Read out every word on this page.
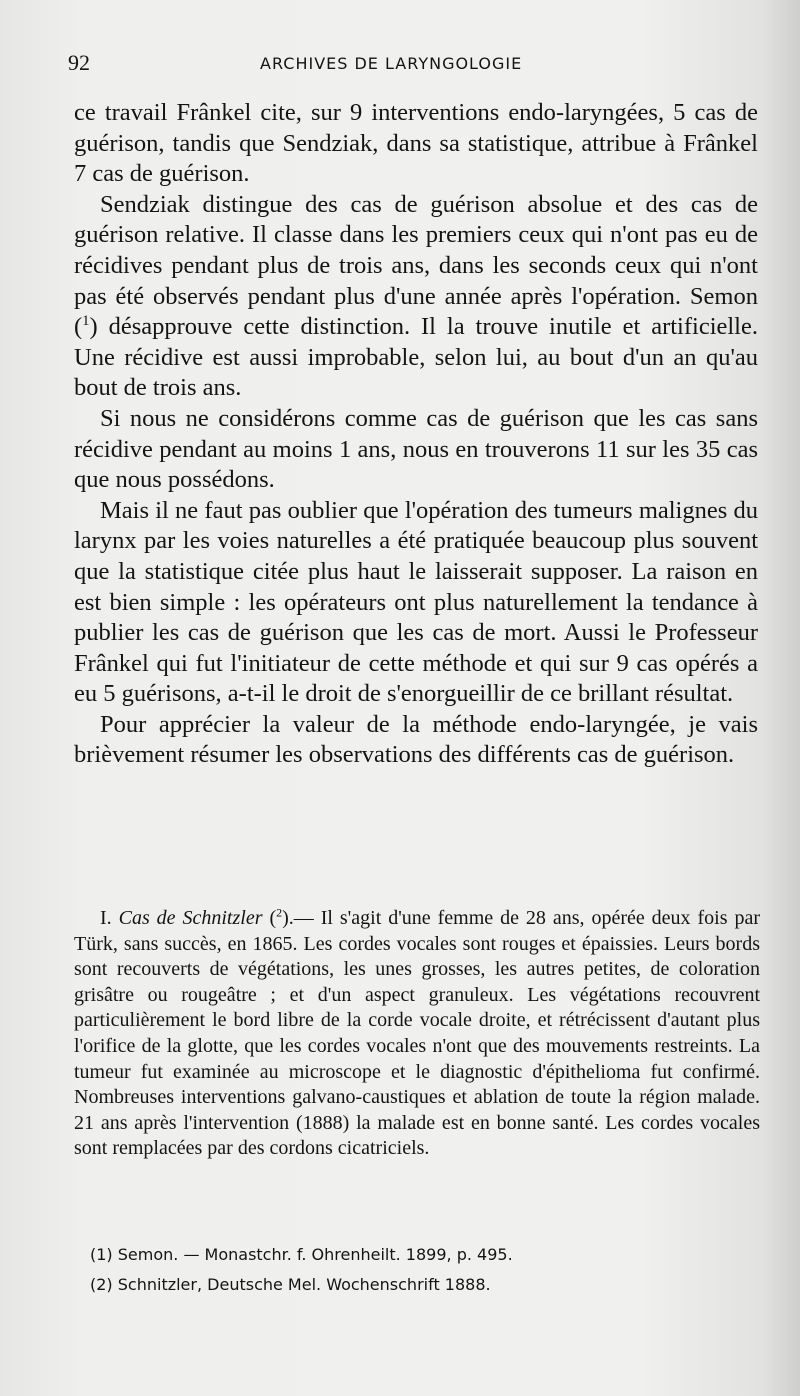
92	ARCHIVES DE LARYNGOLOGIE

ce travail Frânkel cite, sur 9 interventions endo-laryngées, 5 cas de guérison, tandis que Sendziak, dans sa statistique, attribue à Frânkel 7 cas de guérison.

Sendziak distingue des cas de guérison absolue et des cas de guérison relative. Il classe dans les premiers ceux qui n'ont pas eu de récidives pendant plus de trois ans, dans les seconds ceux qui n'ont pas été observés pendant plus d'une année après l'opération. Semon ($^1$) désapprouve cette distinction. Il la trouve inutile et artificielle. Une récidive est aussi improbable, selon lui, au bout d'un an qu'au bout de trois ans.

Si nous ne considérons comme cas de guérison que les cas sans récidive pendant au moins 1 ans, nous en trouverons 11 sur les 35 cas que nous possédons.

Mais il ne faut pas oublier que l'opération des tumeurs malignes du larynx par les voies naturelles a été pratiquée beaucoup plus souvent que la statistique citée plus haut le laisserait supposer. La raison en est bien simple : les opérateurs ont plus naturellement la tendance à publier les cas de guérison que les cas de mort. Aussi le Professeur Frânkel qui fut l'initiateur de cette méthode et qui sur 9 cas opérés a eu 5 guérisons, a-t-il le droit de s'enorgueillir de ce brillant résultat.

Pour apprécier la valeur de la méthode endo-laryngée, je vais brièvement résumer les observations des différents cas de guérison.

I. Cas de Schnitzler ($^2$).— Il s'agit d'une femme de 28 ans, opérée deux fois par Türk, sans succès, en 1865. Les cordes vocales sont rouges et épaissies. Leurs bords sont recouverts de végétations, les unes grosses, les autres petites, de coloration grisâtre ou rougeâtre ; et d'un aspect granuleux. Les végétations recouvrent particulièrement le bord libre de la corde vocale droite, et rétrécissent d'autant plus l'orifice de la glotte, que les cordes vocales n'ont que des mouvements restreints. La tumeur fut examinée au microscope et le diagnostic d'épithelioma fut confirmé. Nombreuses interventions galvano-caustiques et ablation de toute la région malade. 21 ans après l'intervention (1888) la malade est en bonne santé. Les cordes vocales sont remplacées par des cordons cicatriciels.

(1) Semon. — Monastchr. f. Ohrenheilt. 1899, p. 495.
(2) Schnitzler, Deutsche Mel. Wochenschrift 1888.
